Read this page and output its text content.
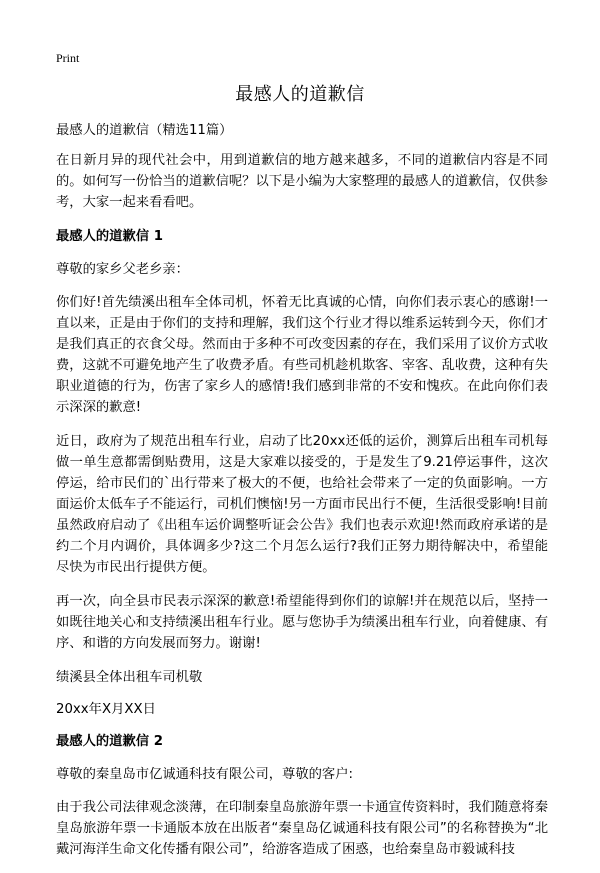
Print
最感人的道歉信

最感人的道歉信（精选11篇）

在日新月异的现代社会中，用到道歉信的地方越来越多，不同的道歉信内容是不同的。如何写一份恰当的道歉信呢？以下是小编为大家整理的最感人的道歉信，仅供参考，大家一起来看看吧。

最感人的道歉信 1

尊敬的家乡父老乡亲：

你们好!首先绩溪出租车全体司机，怀着无比真诚的心情，向你们表示衷心的感谢!一直以来，正是由于你们的支持和理解，我们这个行业才得以维系运转到今天，你们才是我们真正的衣食父母。然而由于多种不可改变因素的存在，我们采用了议价方式收费，这就不可避免地产生了收费矛盾。有些司机趁机欺客、宰客、乱收费，这种有失职业道德的行为，伤害了家乡人的感情!我们感到非常的不安和愧疚。在此向你们表示深深的歉意!

近日，政府为了规范出租车行业，启动了比20xx还低的运价，测算后出租车司机每做一单生意都需倒贴费用，这是大家难以接受的，于是发生了9.21停运事件，这次停运，给市民们的`出行带来了极大的不便，也给社会带来了一定的负面影响。一方面运价太低车子不能运行，司机们懊恼!另一方面市民出行不便，生活很受影响!目前虽然政府启动了《出租车运价调整听证会公告》我们也表示欢迎!然而政府承诺的是约二个月内调价，具体调多少?这二个月怎么运行?我们正努力期待解决中，希望能尽快为市民出行提供方便。

再一次，向全县市民表示深深的歉意!希望能得到你们的谅解!并在规范以后，坚持一如既往地关心和支持绩溪出租车行业。愿与您协手为绩溪出租车行业，向着健康、有序、和谐的方向发展而努力。谢谢!

绩溪县全体出租车司机敬

20xx年X月XX日

最感人的道歉信 2

尊敬的秦皇岛市亿诚通科技有限公司，尊敬的客户:

由于我公司法律观念淡薄，在印制秦皇岛旅游年票一卡通宣传资料时，我们随意将秦皇岛旅游年票一卡通版本放在出版者“秦皇岛亿诚通科技有限公司”的名称替换为“北戴河海洋生命文化传播有限公司”，给游客造成了困惑，也给秦皇岛市毅诚科技
